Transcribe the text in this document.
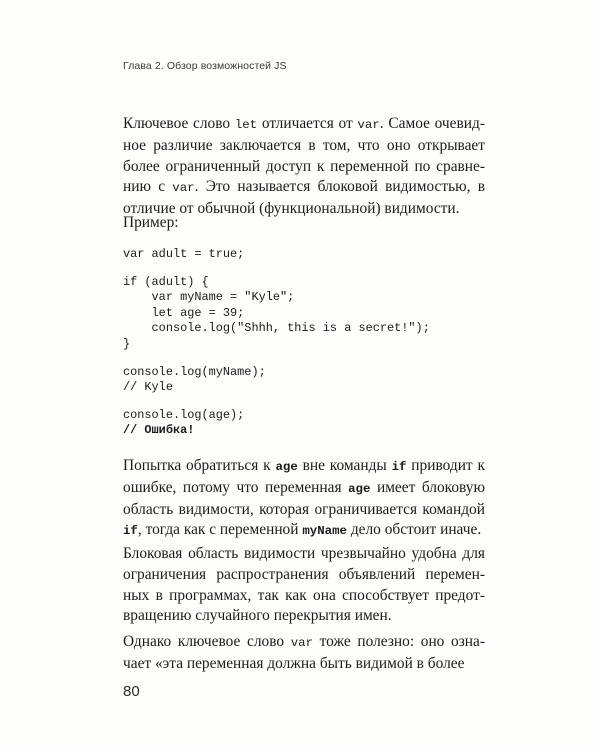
Глава 2. Обзор возможностей JS
Ключевое слово let отличается от var. Самое очевидное различие заключается в том, что оно открывает более ограниченный доступ к переменной по сравнению с var. Это называется блоковой видимостью, в отличие от обычной (функциональной) видимости.
Пример:
var adult = true;
if (adult) {
var myName = "Kyle";
let age = 39;
console.log("Shhh, this is a secret!");
}
console.log(myName);
// Kyle
console.log(age);
// Ошибка!
Попытка обратиться к age вне команды if приводит к ошибке, потому что переменная age имеет блоковую область видимости, которая ограничивается командой if, тогда как с переменной myName дело обстоит иначе.
Блоковая область видимости чрезвычайно удобна для ограничения распространения объявлений переменных в программах, так как она способствует предотвращению случайного перекрытия имен.
Однако ключевое слово var тоже полезно: оно означает «эта переменная должна быть видимой в более
80
